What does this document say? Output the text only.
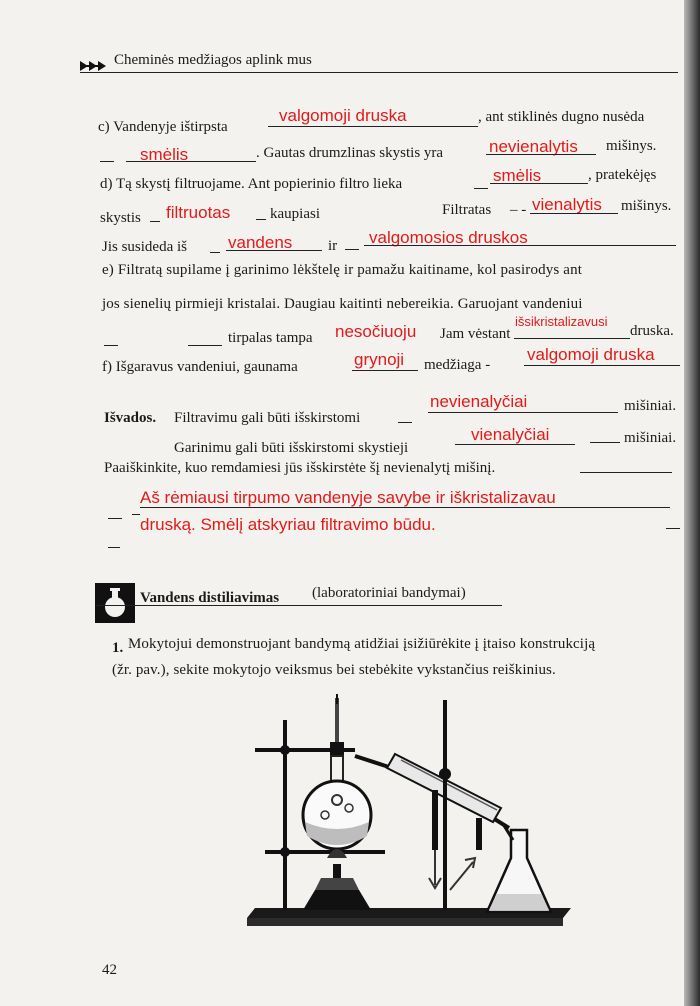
Cheminės medžiagos aplink mus
c) Vandenyje ištirpsta
valgomoji druska	, ant stiklinės dugno nusėda
smėlis	. Gautas drumzlinas skystis yra	nevienalytis mišinys.
d) Tą skystį filtruojame. Ant popierinio filtro lieka	smėlis	, pratekėjęs
skystis filtruotas	kaupiasi	Filtratas – - vienalytis mišinys.
Jis susideda iš vandens ir valgomosios druskos
e) Filtratą supilame į garinimo lėkštelę ir pamažu kaitiname, kol pasirodys ant
jos sienelių pirmieji kristalai. Daugiau kaitinti nebereikia. Garuojant vandeniui
tirpalas tampa nesočiuoju Jam vėstant
išsikristalizavusi
druska.
f) Išgaravus vandeniui, gaunama	grynoji medžiaga -
valgomoji druska
Išvados. Filtravimu gali būti išskirstomi
nevienalyčiai	mišiniai.
Garinimu gali būti išskirstomi skystieji
vienalyčiai	mišiniai.
Paaiškinkite, kuo remdamiesi jūs išskirstėte šį nevienalytį mišinį.
Aš rėmiausi tirpumo vandenyje savybe ir iškristalizavau
druską. Smėlį atskyriau filtravimo būdu.
Vandens distiliavimas (laboratoriniai bandymai)
1. Mokytojui demonstruojant bandymą atidžiai įsižiūrėkite į įtaiso konstrukciją
(žr. pav.), sekite mokytojo veiksmus bei stebėkite vykstančius reiškinius.
42
